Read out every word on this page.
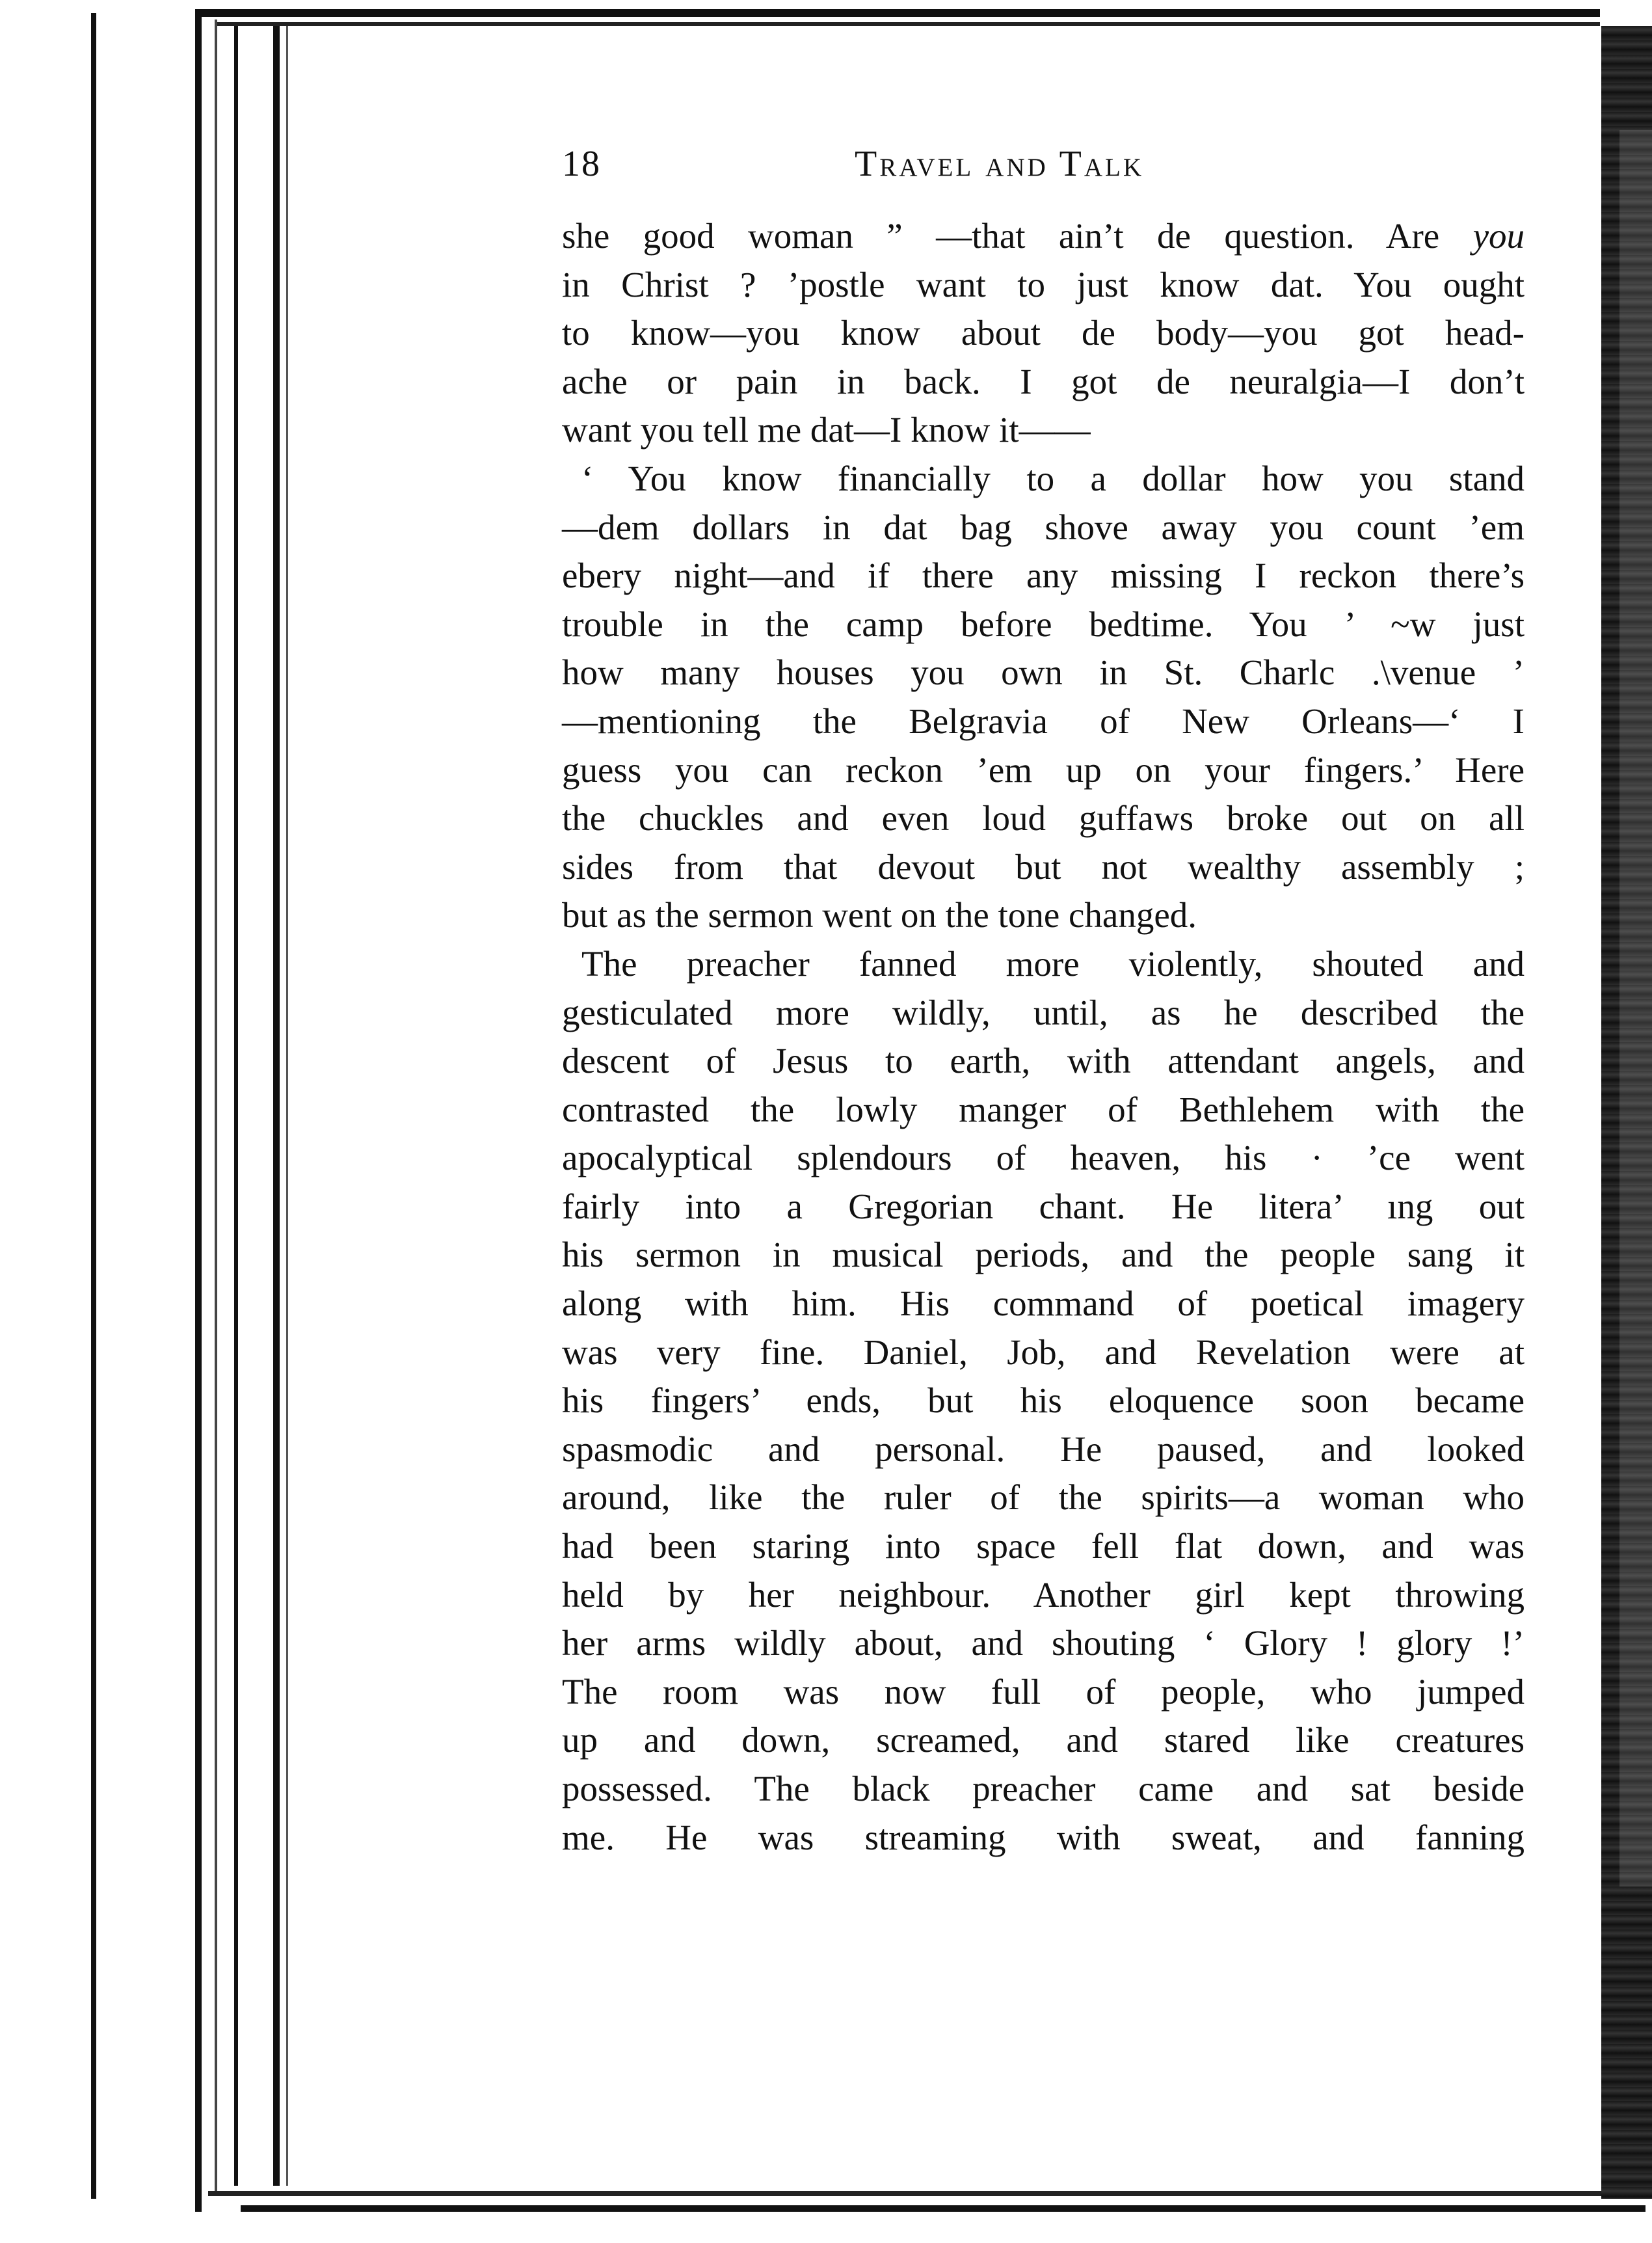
18	Travel and Talk
she good woman ” —that ain’t de question. Are you
in Christ ? ’postle want to just know dat. You ought
to know—you know about de body—you got head-
ache or pain in back. I got de neuralgia—I don’t
want you tell me dat—I know it——
‘ You know financially to a dollar how you stand
—dem dollars in dat bag shove away you count ’em
ebery night—and if there any missing I reckon there’s
trouble in the camp before bedtime. You ’ ~w just
how many houses you own in St. Charlc .\venue ’
—mentioning the Belgravia of New Orleans—‘ I
guess you can reckon ’em up on your fingers.’ Here
the chuckles and even loud guffaws broke out on all
sides from that devout but not wealthy assembly ;
but as the sermon went on the tone changed.
The preacher fanned more violently, shouted and
gesticulated more wildly, until, as he described the
descent of Jesus to earth, with attendant angels, and
contrasted the lowly manger of Bethlehem with the
apocalyptical splendours of heaven, his · ’ce went
fairly into a Gregorian chant. He litera’ ıng out
his sermon in musical periods, and the people sang it
along with him. His command of poetical imagery
was very fine. Daniel, Job, and Revelation were at
his fingers’ ends, but his eloquence soon became
spasmodic and personal. He paused, and looked
around, like the ruler of the spirits—a woman who
had been staring into space fell flat down, and was
held by her neighbour. Another girl kept throwing
her arms wildly about, and shouting ‘ Glory ! glory !’
The room was now full of people, who jumped
up and down, screamed, and stared like creatures
possessed. The black preacher came and sat beside
me. He was streaming with sweat, and fanning
